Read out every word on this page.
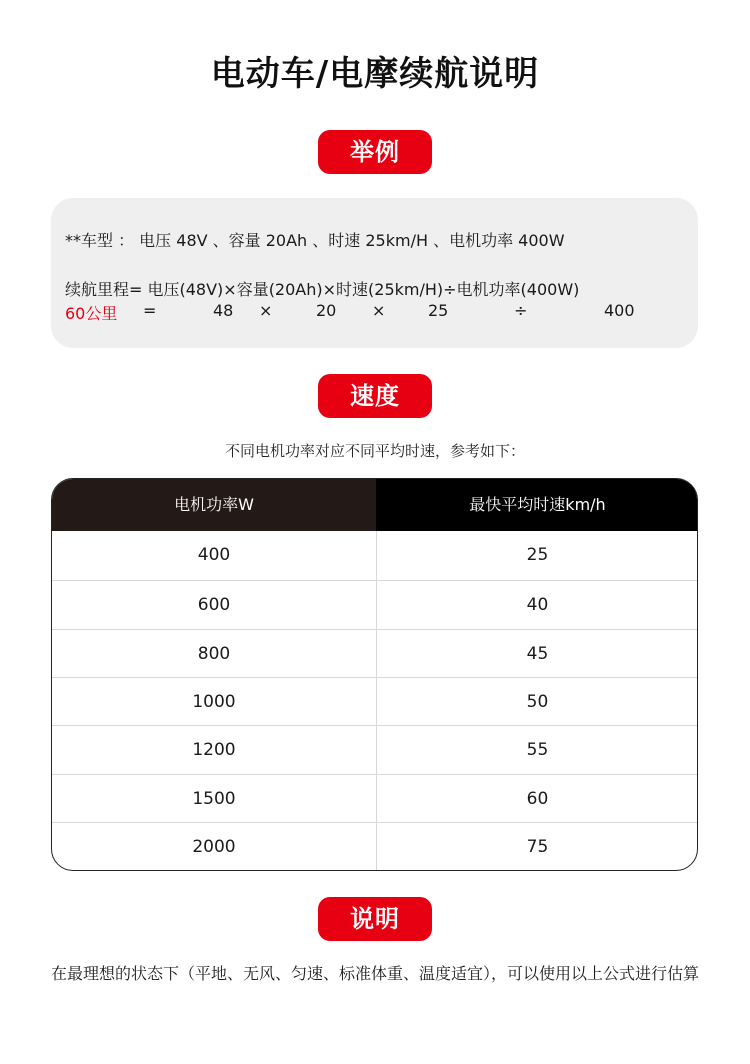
电动车/电摩续航说明
举例
**车型 ： 电压 48V 、容量 20Ah 、时速 25km/H 、电机功率 400W
续航里程= 电压(48V)×容量(20Ah)×时速(25km/H)÷电机功率(400W)
60公里 =	48 ×	20 ×	25	÷	400
速度
不同电机功率对应不同平均时速，参考如下：
电机功率W	最快平均时速km/h
400	25
600	40
800	45
1000	50
1200	55
1500	60
2000	75
说明
在最理想的状态下（平地、无风、匀速、标准体重、温度适宜），可以使用以上公式进行估算
